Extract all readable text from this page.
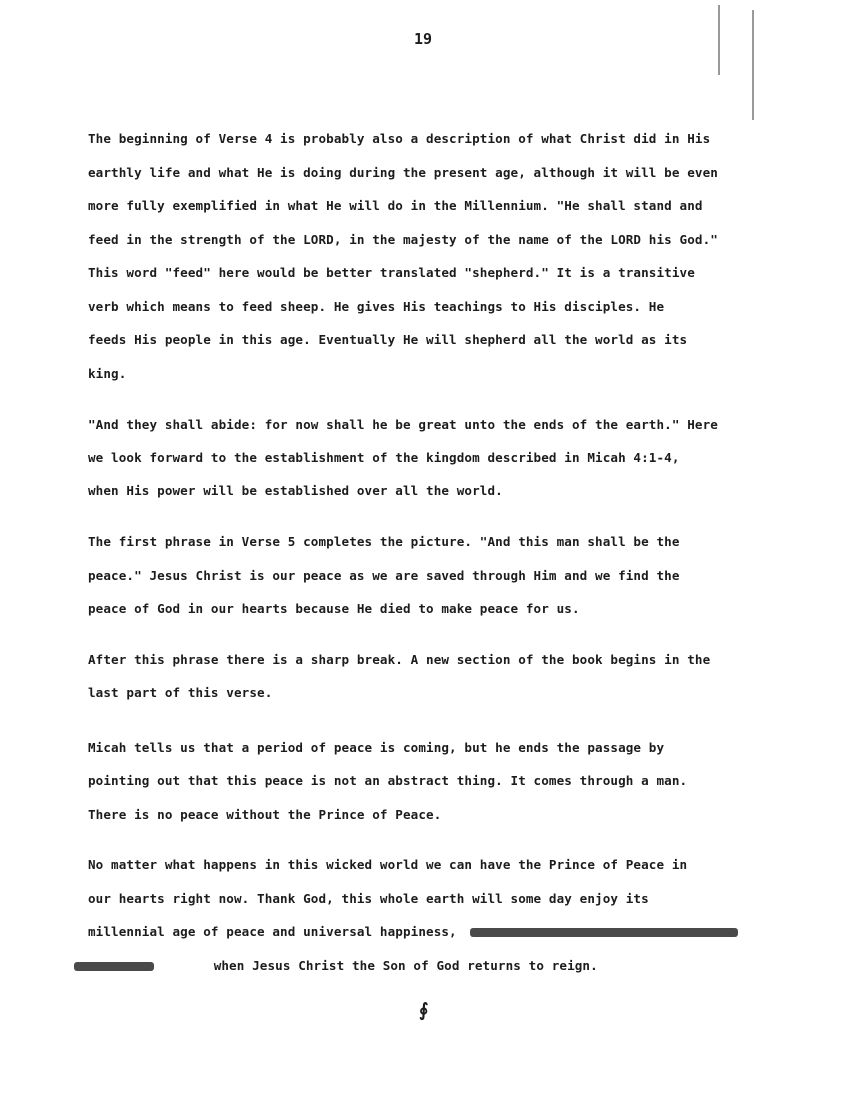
19
The beginning of Verse 4 is probably also a description of what Christ did in His
earthly life and what He is doing during the present age, although it will be even
more fully exemplified in what He will do in the Millennium. "He shall stand and
feed in the strength of the LORD, in the majesty of the name of the LORD his God."
This word "feed" here would be better translated "shepherd." It is a transitive
verb which means to feed sheep. He gives His teachings to His disciples. He
feeds His people in this age. Eventually He will shepherd all the world as its
king.
"And they shall abide: for now shall he be great unto the ends of the earth." Here
we look forward to the establishment of the kingdom described in Micah 4:1-4,
when His power will be established over all the world.
The first phrase in Verse 5 completes the picture. "And this man shall be the
peace." Jesus Christ is our peace as we are saved through Him and we find the
peace of God in our hearts because He died to make peace for us.
After this phrase there is a sharp break. A new section of the book begins in the
last part of this verse.
Micah tells us that a period of peace is coming, but he ends the passage by
pointing out that this peace is not an abstract thing. It comes through a man.
There is no peace without the Prince of Peace.
No matter what happens in this wicked world we can have the Prince of Peace in
our hearts right now. Thank God, this whole earth will some day enjoy its
millennial age of peace and universal happiness,
when Jesus Christ the Son of God returns to reign.
∮
